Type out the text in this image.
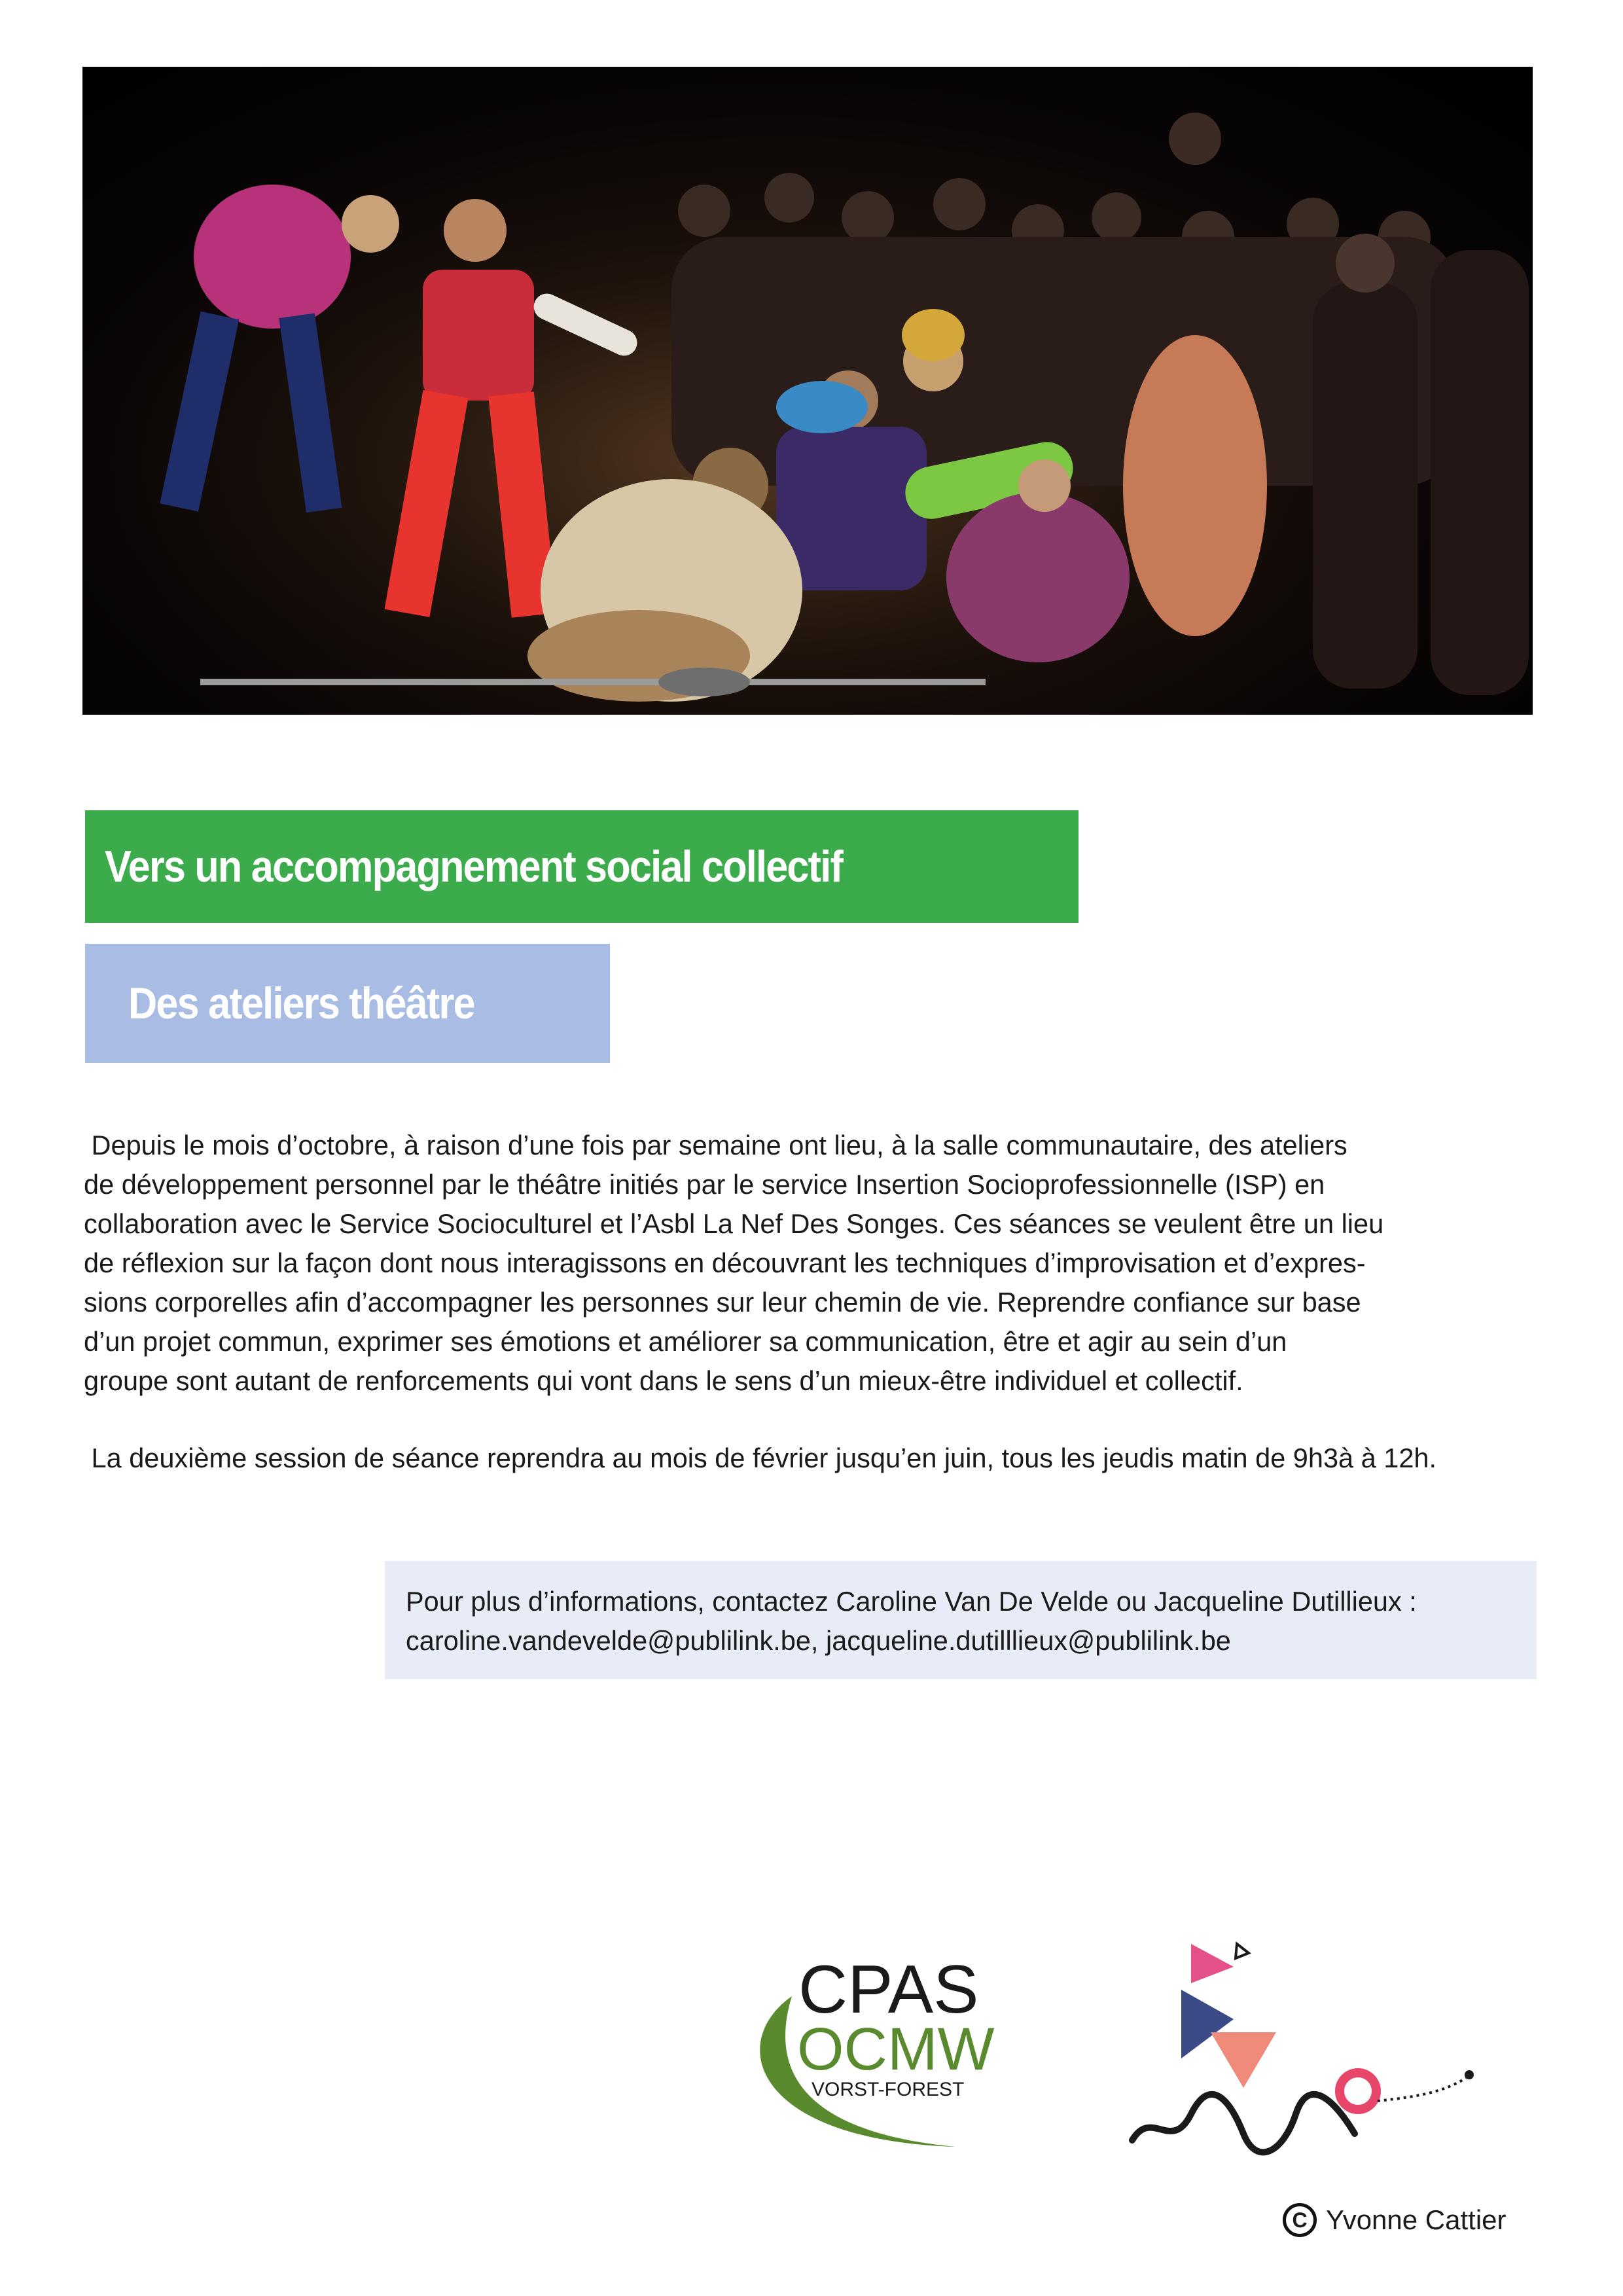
Vers un accompagnement social collectif
Des ateliers théâtre
Depuis le mois d’octobre, à raison d’une fois par semaine ont lieu, à la salle communautaire, des ateliers
de développement personnel par le théâtre initiés par le service Insertion Socioprofessionnelle (ISP) en
collaboration avec le Service Socioculturel et l’Asbl La Nef Des Songes. Ces séances se veulent être un lieu
de réflexion sur la façon dont nous interagissons en découvrant les techniques d’improvisation et d’expres-
sions corporelles afin d’accompagner les personnes sur leur chemin de vie. Reprendre confiance sur base
d’un projet commun, exprimer ses émotions et améliorer sa communication, être et agir au sein d’un
groupe sont autant de renforcements qui vont dans le sens d’un mieux-être individuel et collectif.
La deuxième session de séance reprendra au mois de février jusqu’en juin, tous les jeudis matin de 9h3à à 12h.
Pour plus d’informations, contactez Caroline Van De Velde ou Jacqueline Dutillieux :
caroline.vandevelde@publilink.be, jacqueline.dutilllieux@publilink.be
CPAS
OCMW
VORST-FOREST
C Yvonne Cattier
